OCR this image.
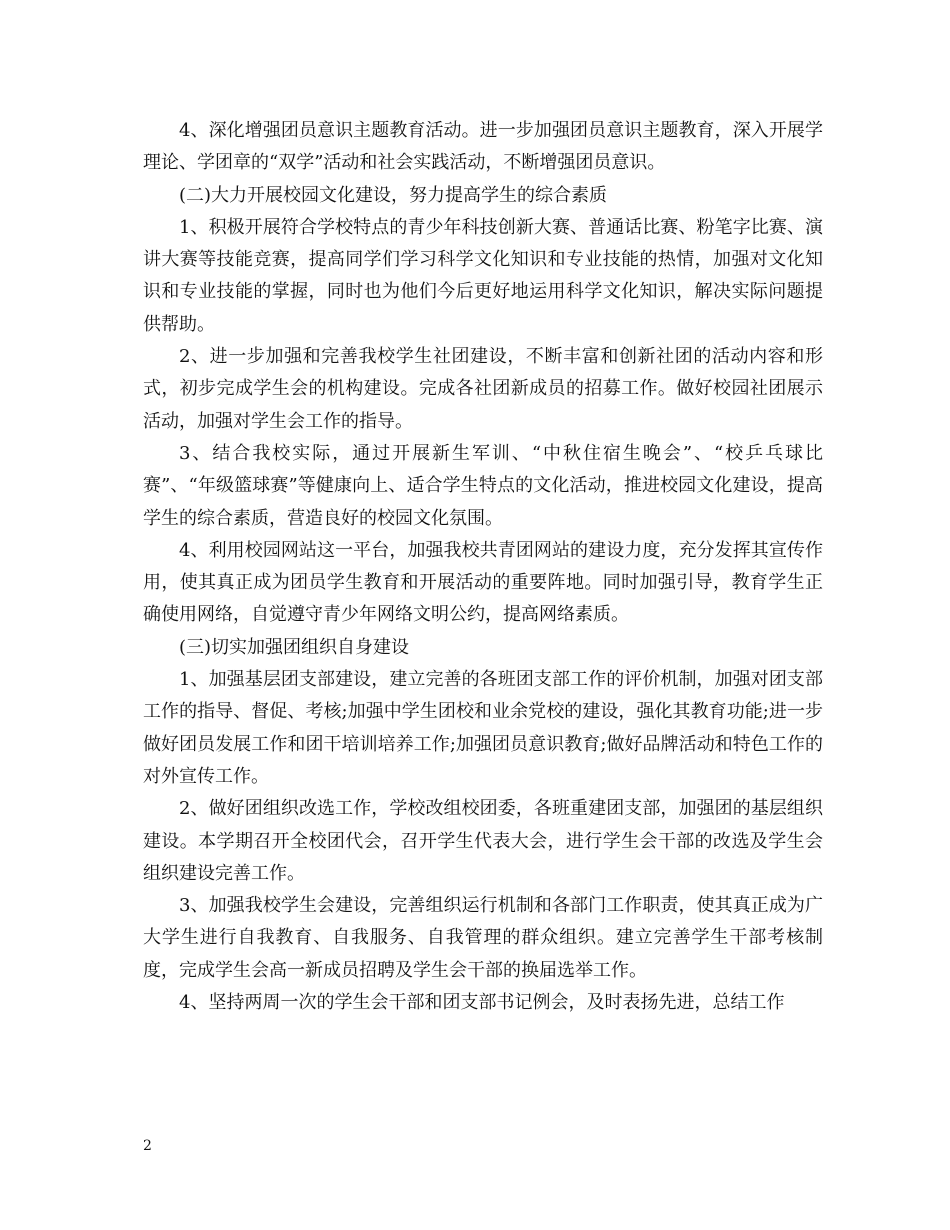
4、深化增强团员意识主题教育活动。进一步加强团员意识主题教育，深入开展学理论、学团章的“双学”活动和社会实践活动，不断增强团员意识。

(二)大力开展校园文化建设，努力提高学生的综合素质

1、积极开展符合学校特点的青少年科技创新大赛、普通话比赛、粉笔字比赛、演讲大赛等技能竞赛，提高同学们学习科学文化知识和专业技能的热情，加强对文化知识和专业技能的掌握，同时也为他们今后更好地运用科学文化知识，解决实际问题提供帮助。

2、进一步加强和完善我校学生社团建设，不断丰富和创新社团的活动内容和形式，初步完成学生会的机构建设。完成各社团新成员的招募工作。做好校园社团展示活动，加强对学生会工作的指导。

3、结合我校实际，通过开展新生军训、“中秋住宿生晚会”、“校乒乓球比赛”、“年级篮球赛”等健康向上、适合学生特点的文化活动，推进校园文化建设，提高学生的综合素质，营造良好的校园文化氛围。

4、利用校园网站这一平台，加强我校共青团网站的建设力度，充分发挥其宣传作用，使其真正成为团员学生教育和开展活动的重要阵地。同时加强引导，教育学生正确使用网络，自觉遵守青少年网络文明公约，提高网络素质。

(三)切实加强团组织自身建设

1、加强基层团支部建设，建立完善的各班团支部工作的评价机制，加强对团支部工作的指导、督促、考核;加强中学生团校和业余党校的建设，强化其教育功能;进一步做好团员发展工作和团干培训培养工作;加强团员意识教育;做好品牌活动和特色工作的对外宣传工作。

2、做好团组织改选工作，学校改组校团委，各班重建团支部，加强团的基层组织建设。本学期召开全校团代会，召开学生代表大会，进行学生会干部的改选及学生会组织建设完善工作。

3、加强我校学生会建设，完善组织运行机制和各部门工作职责，使其真正成为广大学生进行自我教育、自我服务、自我管理的群众组织。建立完善学生干部考核制度，完成学生会高一新成员招聘及学生会干部的换届选举工作。

4、坚持两周一次的学生会干部和团支部书记例会，及时表扬先进，总结工作

2
